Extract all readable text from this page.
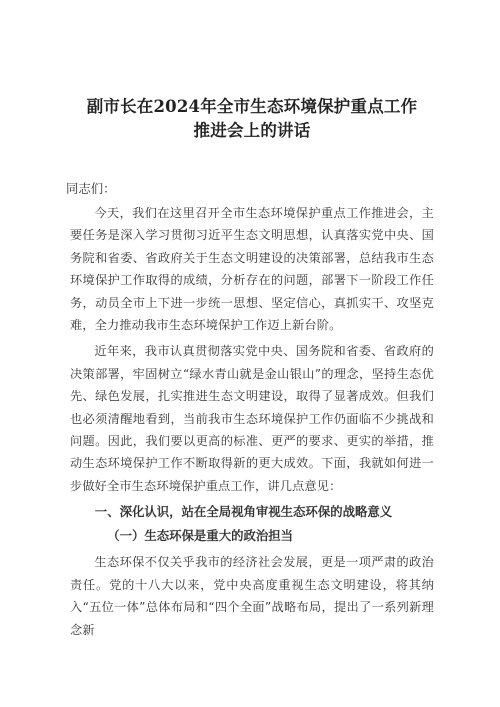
副市长在2024年全市生态环境保护重点工作
推进会上的讲话
同志们：

今天，我们在这里召开全市生态环境保护重点工作推进会，主要任务是深入学习贯彻习近平生态文明思想，认真落实党中央、国务院和省委、省政府关于生态文明建设的决策部署，总结我市生态环境保护工作取得的成绩，分析存在的问题，部署下一阶段工作任务，动员全市上下进一步统一思想、坚定信心，真抓实干、攻坚克难，全力推动我市生态环境保护工作迈上新台阶。

近年来，我市认真贯彻落实党中央、国务院和省委、省政府的决策部署，牢固树立“绿水青山就是金山银山”的理念，坚持生态优先、绿色发展，扎实推进生态文明建设，取得了显著成效。但我们也必须清醒地看到，当前我市生态环境保护工作仍面临不少挑战和问题。因此，我们要以更高的标准、更严的要求、更实的举措，推动生态环境保护工作不断取得新的更大成效。下面，我就如何进一步做好全市生态环境保护重点工作，讲几点意见：

一、深化认识，站在全局视角审视生态环保的战略意义
（一）生态环保是重大的政治担当

生态环保不仅关乎我市的经济社会发展，更是一项严肃的政治责任。党的十八大以来，党中央高度重视生态文明建设，将其纳入“五位一体”总体布局和“四个全面”战略布局，提出了一系列新理念新
